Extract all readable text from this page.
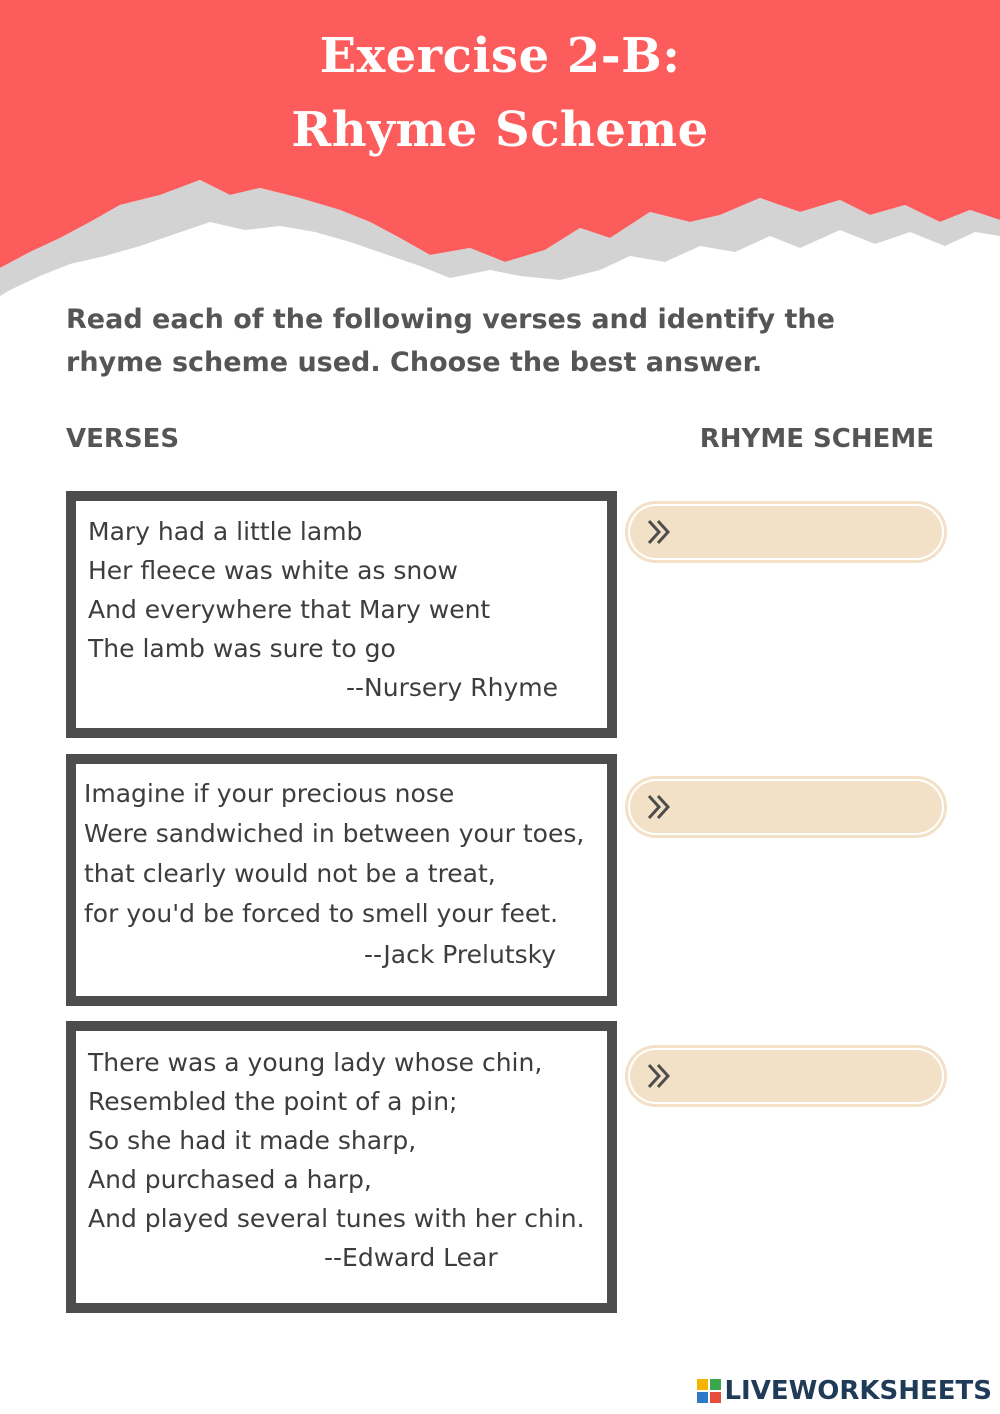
Exercise 2-B:
Rhyme Scheme
Read each of the following verses and identify the rhyme scheme used. Choose the best answer.
VERSES	RHYME SCHEME
Mary had a little lamb
Her fleece was white as snow
And everywhere that Mary went
The lamb was sure to go
--Nursery Rhyme
Imagine if your precious nose
Were sandwiched in between your toes,
that clearly would not be a treat,
for you'd be forced to smell your feet.
--Jack Prelutsky
There was a young lady whose chin,
Resembled the point of a pin;
So she had it made sharp,
And purchased a harp,
And played several tunes with her chin.
--Edward Lear
LIVEWORKSHEETS
